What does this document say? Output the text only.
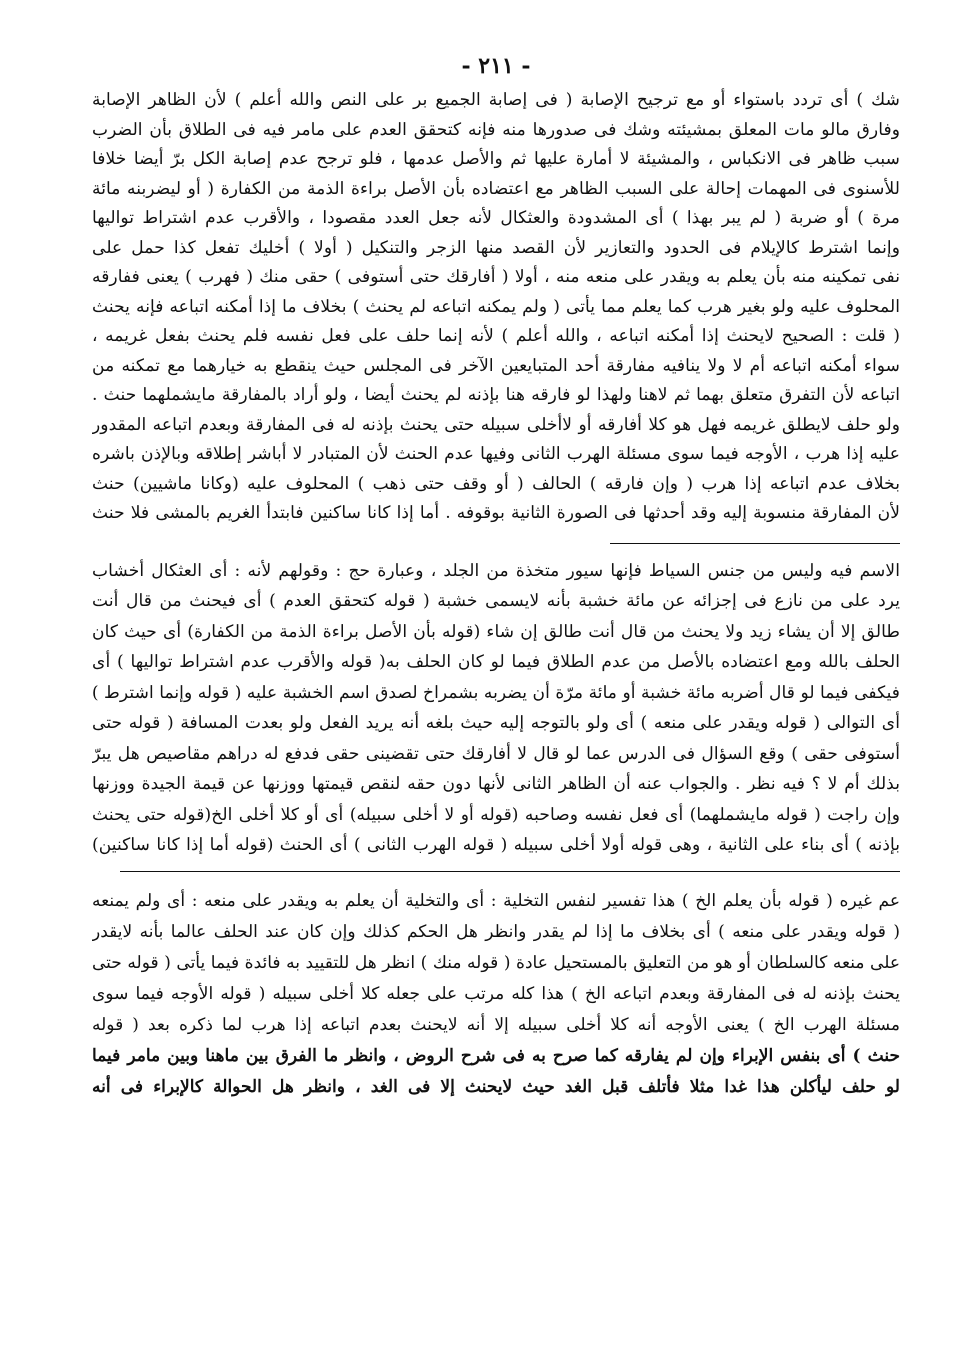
- ٢١١ -
شك ) أى تردد باستواء أو مع ترجيح الإصابة ( فى إصابة الجميع بر على النص والله أعلم ) لأن الظاهر الإصابة
وفارق مالو مات المعلق بمشيئته وشك فى صدورها منه فإنه كتحقق العدم على مامر فيه فى الطلاق بأن الضرب
سبب ظاهر فى الانكباس ، والمشيئة لا أمارة عليها ثم والأصل عدمها ، فلو ترجح عدم إصابة الكل برّ أيضا خلافا
للأسنوى فى المهمات إحالة على السبب الظاهر مع اعتضاده بأن الأصل براءة الذمة من الكفارة ( أو ليضربنه مائة
مرة ) أو ضربة ( لم يبر بهذا ) أى المشدودة والعثكال لأنه جعل العدد مقصودا ، والأقرب عدم اشتراط تواليها
وإنما اشترط كالإيلام فى الحدود والتعازير لأن القصد منها الزجر والتنكيل ( أولا ) أخليك تفعل كذا حمل على
نفى تمكينه منه بأن يعلم به ويقدر على منعه منه ، أولا ( أفارقك حتى أستوفى ) حقى منك ( فهرب ) يعنى ففارقه
المحلوف عليه ولو بغير هرب كما يعلم مما يأتى ( ولم يمكنه اتباعه لم يحنث ) بخلاف ما إذا أمكنه اتباعه فإنه يحنث
( قلت : الصحيح لايحنث إذا أمكنه اتباعه ، والله أعلم ) لأنه إنما حلف على فعل نفسه فلم يحنث بفعل غريمه ،
سواء أمكنه اتباعه أم لا ولا ينافيه مفارقة أحد المتبايعين الآخر فى المجلس حيث ينقطع به خيارهما مع تمكنه من
اتباعه لأن التفرق متعلق بهما ثم لاهنا ولهذا لو فارقه هنا بإذنه لم يحنث أيضا ، ولو أراد بالمفارقة مايشملهما حنث .
ولو حلف لايطلق غريمه فهل هو كلا أفارقه أو لاأخلى سبيله حتى يحنث بإذنه له فى المفارقة وبعدم اتباعه المقدور
عليه إذا هرب ، الأوجه فيما سوى مسئلة الهرب الثانى وفيها عدم الحنث لأن المتبادر لا أباشر إطلاقه وبالإذن باشره
بخلاف عدم اتباعه إذا هرب ( وإن فارقه ) الحالف ( أو وقف حتى ذهب ) المحلوف عليه (وكانا ماشيين) حنث
لأن المفارقة منسوبة إليه وقد أحدثها فى الصورة الثانية بوقوفه . أما إذا كانا ساكنين فابتدأ الغريم بالمشى فلا حنث
الاسم فيه وليس من جنس السياط فإنها سيور متخذة من الجلد ، وعبارة حج : وقولهم لأنه : أى العثكال أخشاب
يرد على من نازع فى إجزائه عن مائة خشبة بأنه لايسمى خشبة ( قوله كتحقق العدم ) أى فيحنث من قال أنت
طالق إلا أن يشاء زيد ولا يحنث من قال أنت طالق إن شاء (قوله بأن الأصل براءة الذمة من الكفارة) أى حيث كان
الحلف بالله ومع اعتضاده بالأصل من عدم الطلاق فيما لو كان الحلف به( قوله والأقرب عدم اشتراط تواليها ) أى
فيكفى فيما لو قال أضربه مائة خشبة أو مائة مرّة أن يضربه بشمراخ لصدق اسم الخشبة عليه ( قوله وإنما اشترط )
أى التوالى ( قوله ويقدر على منعه ) أى ولو بالتوجه إليه حيث بلغه أنه يريد الفعل ولو بعدت المسافة ( قوله حتى
أستوفى حقى ) وقع السؤال فى الدرس عما لو قال لا أفارقك حتى تقضينى حقى فدفع له دراهم مقاصيص هل يبرّ
بذلك أم لا ؟ فيه نظر . والجواب عنه أن الظاهر الثانى لأنها دون حقه لنقص قيمتها ووزنها عن قيمة الجيدة ووزنها
وإن راجت ( قوله مايشملهما) أى فعل نفسه وصاحبه (قوله أو لا أخلى سبيله) أى أو كلا أخلى الخ(قوله حتى يحنث
بإذنه ) أى بناء على الثانية ، وهى قوله أولا أخلى سبيله ( قوله الهرب الثانى ) أى الحنث (قوله أما إذا كانا ساكنين)
عم غيره ( قوله بأن يعلم الخ ) هذا تفسير لنفس التخلية : أى والتخلية أن يعلم به ويقدر على منعه : أى ولم يمنعه
( قوله ويقدر على منعه ) أى بخلاف ما إذا لم يقدر وانظر هل الحكم كذلك وإن كان عند الحلف عالما بأنه لايقدر
على منعه كالسلطان أو هو من التعليق بالمستحيل عادة ( قوله منك ) انظر هل للتقييد به فائدة فيما يأتى ( قوله حتى
يحنث بإذنه له فى المفارقة وبعدم اتباعه الخ ) هذا كله مرتب على جعله كلا أخلى سبيله ( قوله الأوجه فيما سوى
مسئلة الهرب الخ ) يعنى الأوجه أنه كلا أخلى سبيله إلا أنه لايحنث بعدم اتباعه إذا هرب لما ذكره بعد ( قوله
حنث ) أى بنفس الإبراء وإن لم يفارقه كما صرح به فى شرح الروض ، وانظر ما الفرق بين ماهنا وبين مامر فيما
لو حلف ليأكلن هذا غدا مثلا فأتلف قبل الغد حيث لايحنث إلا فى الغد ، وانظر هل الحوالة كالإبراء فى أنه
